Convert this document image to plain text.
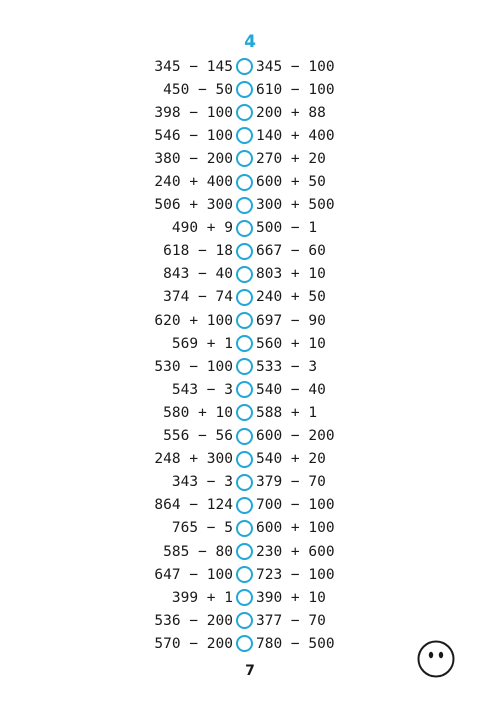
4
345 − 145 345 − 100
450 − 50 610 − 100
398 − 100 200 + 88
546 − 100 140 + 400
380 − 200 270 + 20
240 + 400 600 + 50
506 + 300 300 + 500
490 + 9 500 − 1
618 − 18 667 − 60
843 − 40 803 + 10
374 − 74 240 + 50
620 + 100 697 − 90
569 + 1 560 + 10
530 − 100 533 − 3
543 − 3 540 − 40
580 + 10 588 + 1
556 − 56 600 − 200
248 + 300 540 + 20
343 − 3 379 − 70
864 − 124 700 − 100
765 − 5 600 + 100
585 − 80 230 + 600
647 − 100 723 − 100
399 + 1 390 + 10
536 − 200 377 − 70
570 − 200 780 − 500
7
